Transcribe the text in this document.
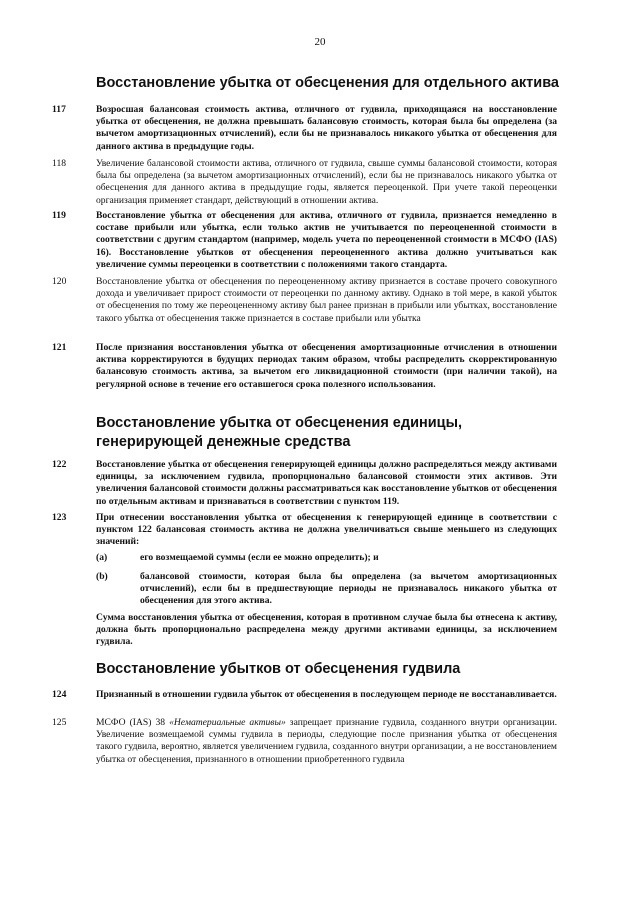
20
Восстановление убытка от обесценения для отдельного актива
117	Возросшая балансовая стоимость актива, отличного от гудвила, приходящаяся на восстановление убытка от обесценения, не должна превышать балансовую стоимость, которая была бы определена (за вычетом амортизационных отчислений), если бы не признавалось никакого убытка от обесценения для данного актива в предыдущие годы.
118	Увеличение балансовой стоимости актива, отличного от гудвила, свыше суммы балансовой стоимости, которая была бы определена (за вычетом амортизационных отчислений), если бы не признавалось никакого убытка от обесценения для данного актива в предыдущие годы, является переоценкой. При учете такой переоценки организация применяет стандарт, действующий в отношении актива.
119	Восстановление убытка от обесценения для актива, отличного от гудвила, признается немедленно в составе прибыли или убытка, если только актив не учитывается по переоцененной стоимости в соответствии с другим стандартом (например, модель учета по переоцененной стоимости в МСФО (IAS) 16). Восстановление убытков от обесценения переоцененного актива должно учитываться как увеличение суммы переоценки в соответствии с положениями такого стандарта.
120	Восстановление убытка от обесценения по переоцененному активу признается в составе прочего совокупного дохода и увеличивает прирост стоимости от переоценки по данному активу. Однако в той мере, в какой убыток от обесценения по тому же переоцененному активу был ранее признан в прибыли или убытках, восстановление такого убытка от обесценения также признается в составе прибыли или убытка
121	После признания восстановления убытка от обесценения амортизационные отчисления в отношении актива корректируются в будущих периодах таким образом, чтобы распределить скорректированную балансовую стоимость актива, за вычетом его ликвидационной стоимости (при наличии такой), на регулярной основе в течение его оставшегося срока полезного использования.
Восстановление убытка от обесценения единицы, генерирующей денежные средства
122	Восстановление убытка от обесценения генерирующей единицы должно распределяться между активами единицы, за исключением гудвила, пропорционально балансовой стоимости этих активов. Эти увеличения балансовой стоимости должны рассматриваться как восстановление убытков от обесценения по отдельным активам и признаваться в соответствии с пунктом 119.
123	При отнесении восстановления убытка от обесценения к генерирующей единице в соответствии с пунктом 122 балансовая стоимость актива не должна увеличиваться свыше меньшего из следующих значений:
(a)	его возмещаемой суммы (если ее можно определить); и
(b)	балансовой стоимости, которая была бы определена (за вычетом амортизационных отчислений), если бы в предшествующие периоды не признавалось никакого убытка от обесценения для этого актива.
Сумма восстановления убытка от обесценения, которая в противном случае была бы отнесена к активу, должна быть пропорционально распределена между другими активами единицы, за исключением гудвила.
Восстановление убытков от обесценения гудвила
124	Признанный в отношении гудвила убыток от обесценения в последующем периоде не восстанавливается.
125	МСФО (IAS) 38 «Нематериальные активы» запрещает признание гудвила, созданного внутри организации. Увеличение возмещаемой суммы гудвила в периоды, следующие после признания убытка от обесценения такого гудвила, вероятно, является увеличением гудвила, созданного внутри организации, а не восстановлением убытка от обесценения, признанного в отношении приобретенного гудвила
